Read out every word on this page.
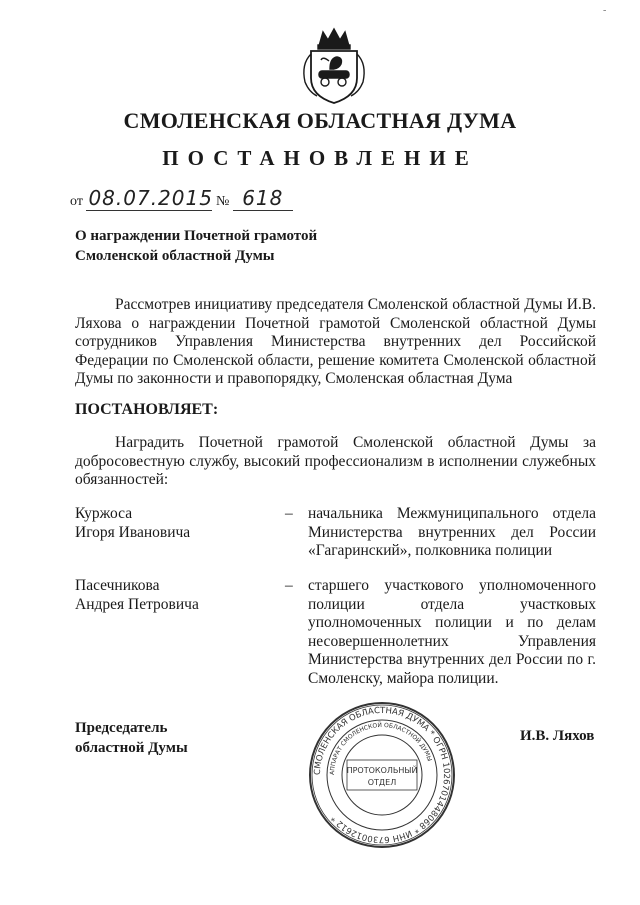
-
СМОЛЕНСКАЯ ОБЛАСТНАЯ ДУМА
ПОСТАНОВЛЕНИЕ
от 08.07.2015 № 618
О награждении Почетной грамотой
Смоленской областной Думы
Рассмотрев инициативу председателя Смоленской областной Думы И.В. Ляхова о награждении Почетной грамотой Смоленской областной Думы сотрудников Управления Министерства внутренних дел Российской Федерации по Смоленской области, решение комитета Смоленской областной Думы по законности и правопорядку, Смоленская областная Дума
ПОСТАНОВЛЯЕТ:
Наградить Почетной грамотой Смоленской областной Думы за добросовестную службу, высокий профессионализм в исполнении служебных обязанностей:
Куржоса
Игоря Ивановича
– начальника Межмуниципального отдела Министерства внутренних дел России «Гагаринский», полковника полиции
Пасечникова
Андрея Петровича
– старшего участкового уполномоченного полиции отдела участковых уполномоченных полиции и по делам несовершеннолетних Управления Министерства внутренних дел России по г. Смоленску, майора полиции.
Председатель
областной Думы
И.В. Ляхов
СМОЛЕНСКАЯ ОБЛАСТНАЯ ДУМА * ОГРН 1026701448068 * ИНН 6730012612 *
АППАРАТ СМОЛЕНСКОЙ ОБЛАСТНОЙ ДУМЫ
ПРОТОКОЛЬНЫЙ
ОТДЕЛ
